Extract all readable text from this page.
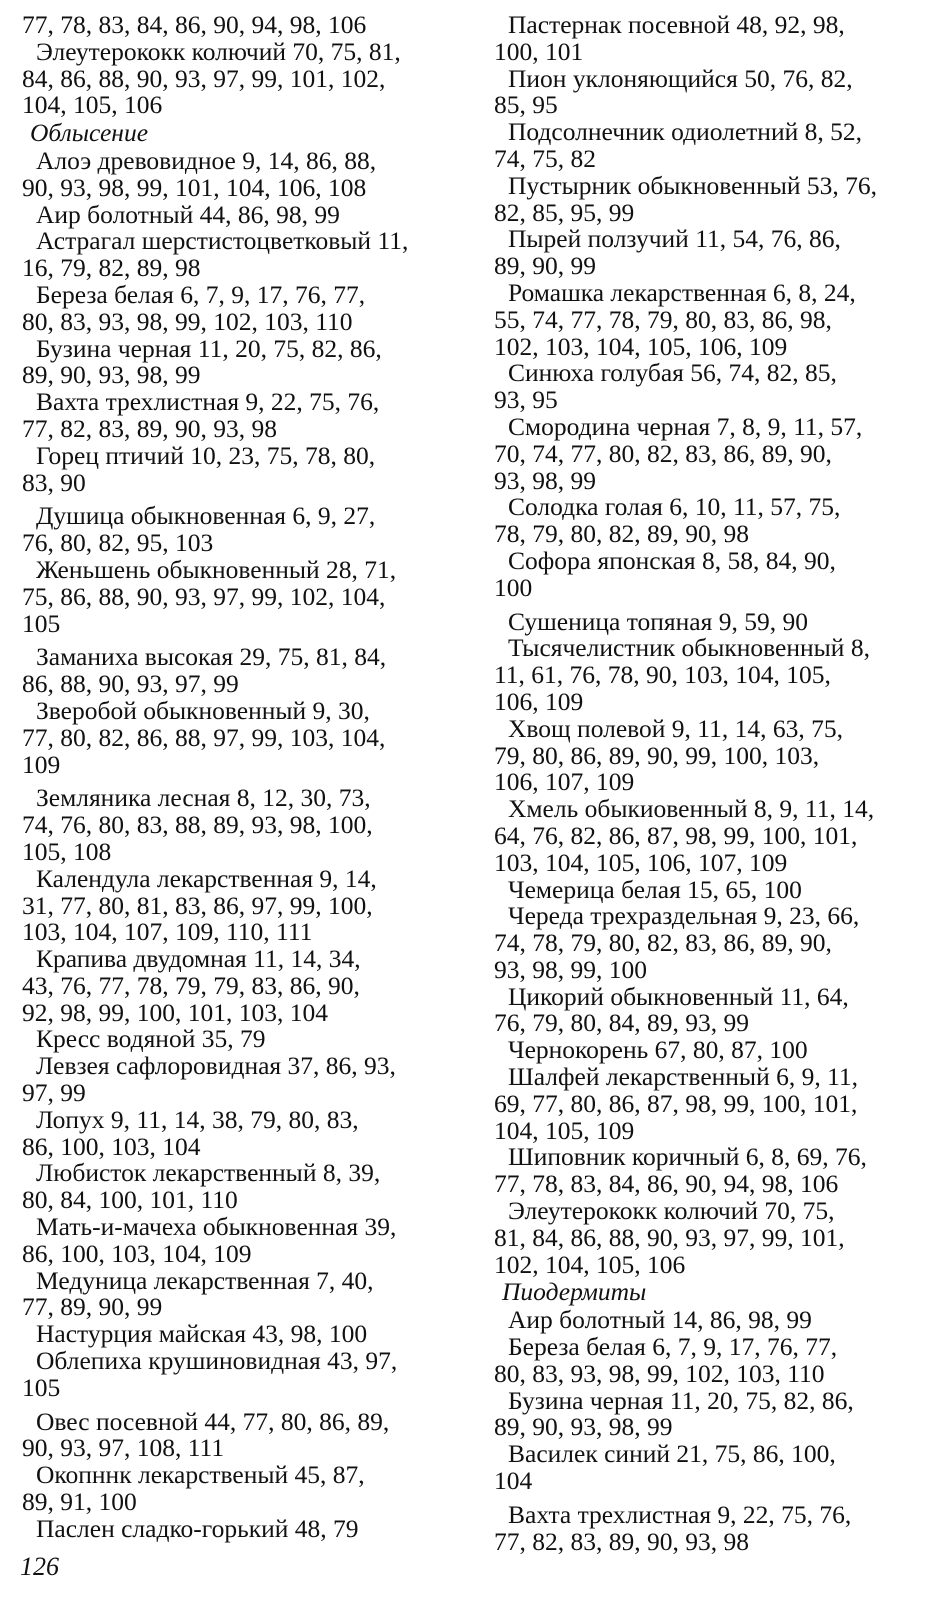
77, 78, 83, 84, 86, 90, 94, 98, 106
Элеутерококк колючий 70, 75, 81,
84, 86, 88, 90, 93, 97, 99, 101, 102,
104, 105, 106
Облысение
Алоэ древовидное 9, 14, 86, 88,
90, 93, 98, 99, 101, 104, 106, 108
Аир болотный 44, 86, 98, 99
Астрагал шерстистоцветковый 11,
16, 79, 82, 89, 98
Береза белая 6, 7, 9, 17, 76, 77,
80, 83, 93, 98, 99, 102, 103, 110
Бузина черная 11, 20, 75, 82, 86,
89, 90, 93, 98, 99
Вахта трехлистная 9, 22, 75, 76,
77, 82, 83, 89, 90, 93, 98
Горец птичий 10, 23, 75, 78, 80,
83, 90
Душица обыкновенная 6, 9, 27,
76, 80, 82, 95, 103
Женьшень обыкновенный 28, 71,
75, 86, 88, 90, 93, 97, 99, 102, 104,
105
Заманиха высокая 29, 75, 81, 84,
86, 88, 90, 93, 97, 99
Зверобой обыкновенный 9, 30,
77, 80, 82, 86, 88, 97, 99, 103, 104,
109
Земляника лесная 8, 12, 30, 73,
74, 76, 80, 83, 88, 89, 93, 98, 100,
105, 108
Календула лекарственная 9, 14,
31, 77, 80, 81, 83, 86, 97, 99, 100,
103, 104, 107, 109, 110, 111
Крапива двудомная 11, 14, 34,
43, 76, 77, 78, 79, 79, 83, 86, 90,
92, 98, 99, 100, 101, 103, 104
Кресс водяной 35, 79
Левзея сафлоровидная 37, 86, 93,
97, 99
Лопух 9, 11, 14, 38, 79, 80, 83,
86, 100, 103, 104
Любисток лекарственный 8, 39,
80, 84, 100, 101, 110
Мать-и-мачеха обыкновенная 39,
86, 100, 103, 104, 109
Медуница лекарственная 7, 40,
77, 89, 90, 99
Настурция майская 43, 98, 100
Облепиха крушиновидная 43, 97,
105
Овес посевной 44, 77, 80, 86, 89,
90, 93, 97, 108, 111
Окопннк лекарственый 45, 87,
89, 91, 100
Паслен сладко-горький 48, 79
Пастернак посевной 48, 92, 98,
100, 101
Пион уклоняющийся 50, 76, 82,
85, 95
Подсолнечник одиолетний 8, 52,
74, 75, 82
Пустырник обыкновенный 53, 76,
82, 85, 95, 99
Пырей ползучий 11, 54, 76, 86,
89, 90, 99
Ромашка лекарственная 6, 8, 24,
55, 74, 77, 78, 79, 80, 83, 86, 98,
102, 103, 104, 105, 106, 109
Синюха голубая 56, 74, 82, 85,
93, 95
Смородина черная 7, 8, 9, 11, 57,
70, 74, 77, 80, 82, 83, 86, 89, 90,
93, 98, 99
Солодка голая 6, 10, 11, 57, 75,
78, 79, 80, 82, 89, 90, 98
Софора японская 8, 58, 84, 90,
100
Сушеница топяная 9, 59, 90
Тысячелистник обыкновенный 8,
11, 61, 76, 78, 90, 103, 104, 105,
106, 109
Хвощ полевой 9, 11, 14, 63, 75,
79, 80, 86, 89, 90, 99, 100, 103,
106, 107, 109
Хмель обыкиовенный 8, 9, 11, 14,
64, 76, 82, 86, 87, 98, 99, 100, 101,
103, 104, 105, 106, 107, 109
Чемерица белая 15, 65, 100
Череда трехраздельная 9, 23, 66,
74, 78, 79, 80, 82, 83, 86, 89, 90,
93, 98, 99, 100
Цикорий обыкновенный 11, 64,
76, 79, 80, 84, 89, 93, 99
Чернокорень 67, 80, 87, 100
Шалфей лекарственный 6, 9, 11,
69, 77, 80, 86, 87, 98, 99, 100, 101,
104, 105, 109
Шиповник коричный 6, 8, 69, 76,
77, 78, 83, 84, 86, 90, 94, 98, 106
Элеутерококк колючий 70, 75,
81, 84, 86, 88, 90, 93, 97, 99, 101,
102, 104, 105, 106
Пиодермиты
Аир болотный 14, 86, 98, 99
Береза белая 6, 7, 9, 17, 76, 77,
80, 83, 93, 98, 99, 102, 103, 110
Бузина черная 11, 20, 75, 82, 86,
89, 90, 93, 98, 99
Василек синий 21, 75, 86, 100,
104
Вахта трехлистная 9, 22, 75, 76,
77, 82, 83, 89, 90, 93, 98
126
